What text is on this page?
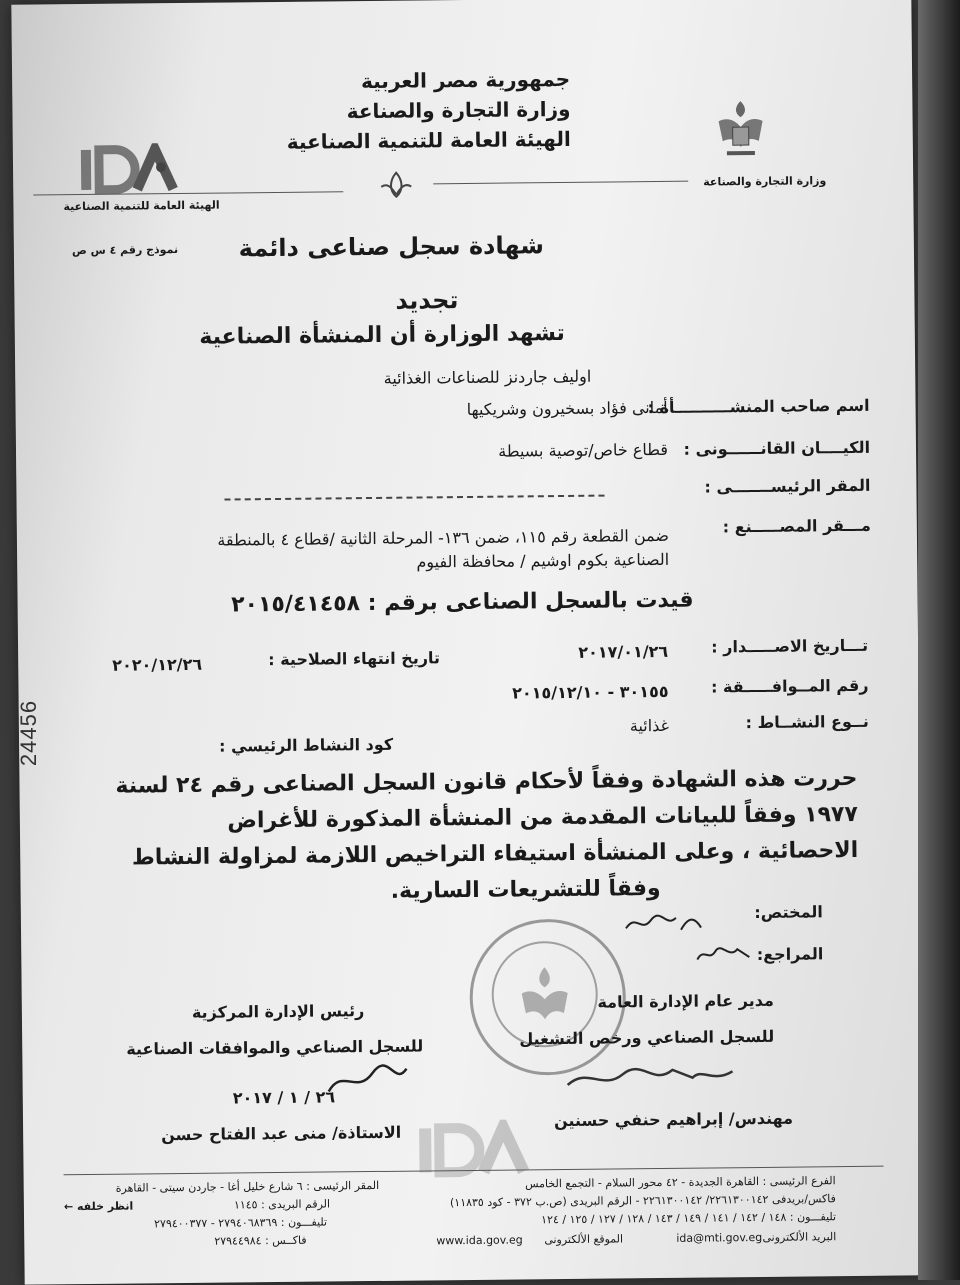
الهيئة العامة للتنمية الصناعية
جمهورية مصر العربية
وزارة التجارة والصناعة
الهيئة العامة للتنمية الصناعية
وزارة التجارة والصناعة
نموذج رقم ٤ س ص	شهادة سجل صناعى دائمة
تجديد
تشهد الوزارة أن المنشأة الصناعية
اوليف جاردنز للصناعات الغذائية
اسم صاحب المنشــــــــــأة :
أمانى فؤاد بسخيرون وشريكيها
الكيــــان القانــــــونى :
قطاع خاص/توصية بسيطة
المقر الرئيســـــــى :
مـــقر المصـــــنع :
ضمن القطعة رقم ١١٥، ضمن ١٣٦- المرحلة الثانية /قطاع ٤ بالمنطقة
الصناعية بكوم اوشيم / محافظة الفيوم
قيدت بالسجل الصناعى برقم : ٢٠١٥/٤١٤٥٨
تـــاريخ الاصـــــدار :
٢٠١٧/٠١/٢٦
تاريخ انتهاء الصلاحية :
٢٠٢٠/١٢/٢٦
رقم المــوافـــــقة :
٣٠١٥٥ - ٢٠١٥/١٢/١٠
نــوع النشــاط :
غذائية
كود النشاط الرئيسي :
حررت هذه الشهادة وفقاً لأحكام قانون السجل الصناعى رقم ٢٤ لسنة
١٩٧٧ وفقاً للبيانات المقدمة من المنشأة المذكورة للأغراض
الاحصائية ، وعلى المنشأة استيفاء التراخيص اللازمة لمزاولة النشاط
وفقاً للتشريعات السارية.
المختص:
المراجع:
مدير عام الإدارة العامة
للسجل الصناعي ورخص التشغيل
مهندس/ إبراهيم حنفي حسنين
رئيس الإدارة المركزية
للسجل الصناعي والموافقات الصناعية
٢٦ / ١ / ٢٠١٧
الاستاذة/ منى عبد الفتاح حسن
الفرع الرئيسى : القاهرة الجديدة - ٤٢ محور السلام - التجمع الخامس
فاكس/بريدفى ٢٢٦١٣٠٠١٤٢/ ٢٢٦١٣٠٠١٤٢ - الرقم البريدى (ص.ب ٣٧٢ - كود ١١٨٣٥)
تليفـــون : ١٤٨ / ١٤٢ / ١٤١ / ١٤٩ / ١٤٣ / ١٢٨ / ١٢٧ / ١٢٥ / ١٢٤
البريد الألكترونى
ida@mti.gov.eg
الموقع الألكترونى
www.ida.gov.eg
المقر الرئيسى : ٦ شارع خليل أغا - جاردن سيتى - القاهرة
الرقم البريدى : ١١٤٥
تليفـــون : ٢٧٩٤٠٦٨٣٦٩ - ٢٧٩٤٠٠٣٧٧
فاكــس : ٢٧٩٤٤٩٨٤
انظر خلفه ←
24456
